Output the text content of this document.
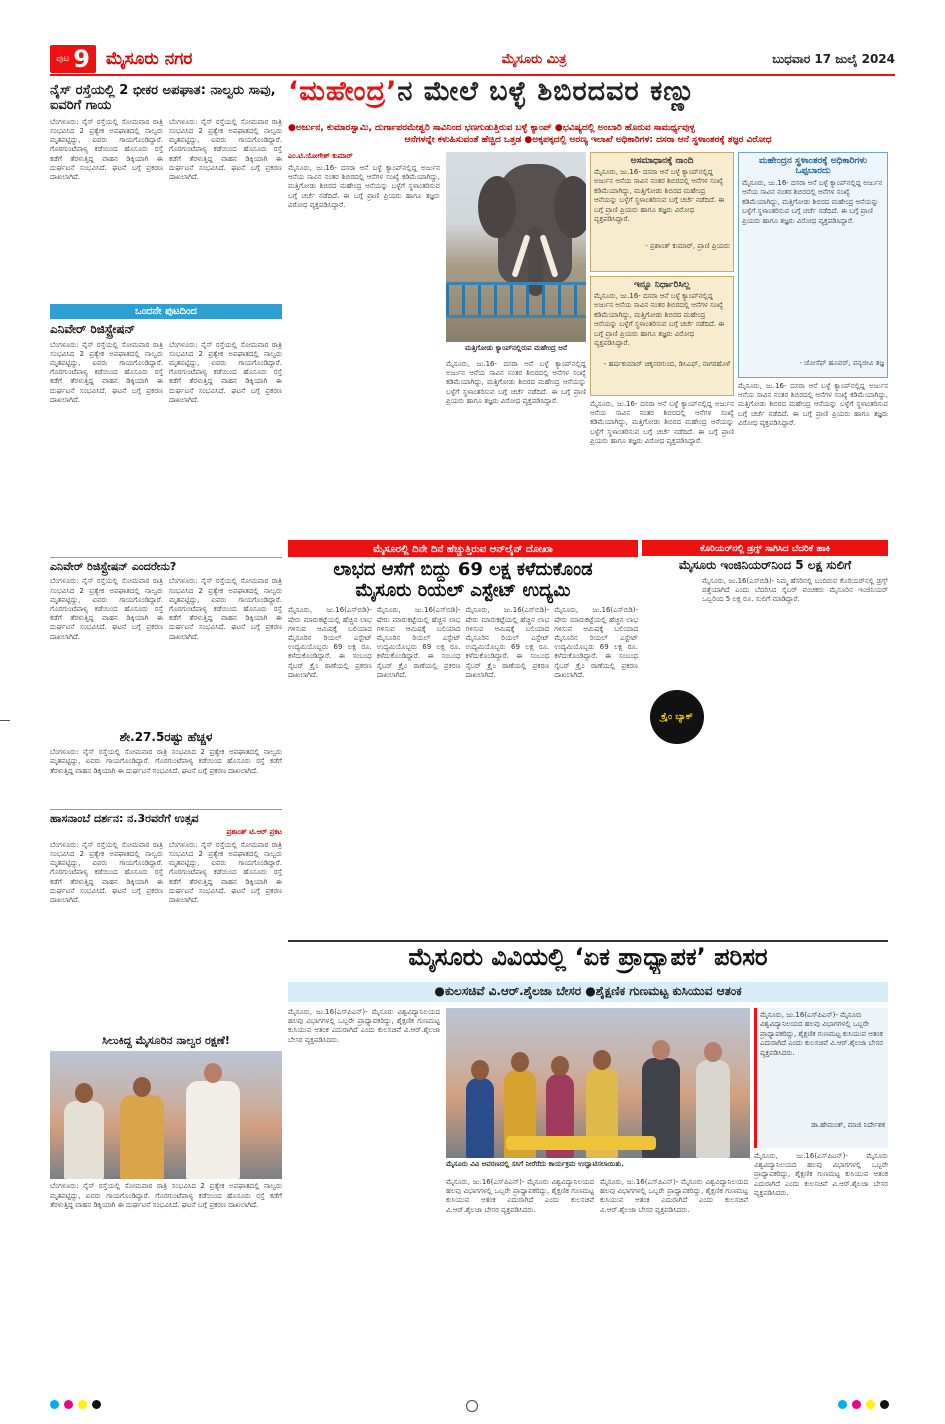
ಪುಟ 9 ಮೈಸೂರು ನಗರ	ಮೈಸೂರು ಮಿತ್ರ	ಬುಧವಾರ 17 ಜುಲೈ 2024
ನೈಸ್ ರಸ್ತೆಯಲ್ಲಿ 2 ಭೀಕರ ಅಪಘಾತ: ನಾಲ್ವರು ಸಾವು, ಐವರಿಗೆ ಗಾಯ
ಬೆಂಗಳೂರು: ನೈಸ್ ರಸ್ತೆಯಲ್ಲಿ ಸೋಮವಾರ ರಾತ್ರಿ ಸಂಭವಿಸಿದ 2 ಪ್ರತ್ಯೇಕ ಅಪಘಾತದಲ್ಲಿ ನಾಲ್ವರು ಮೃತಪಟ್ಟಿದ್ದು, ಐವರು ಗಾಯಗೊಂಡಿದ್ದಾರೆ. ಗೊರಗುಂಟೆಪಾಳ್ಯ ಕಡೆಯಿಂದ ಹೊಸೂರು ರಸ್ತೆ ಕಡೆಗೆ ತೆರಳುತ್ತಿದ್ದ ವಾಹನ ಡಿಕ್ಕಿಯಾಗಿ ಈ ದುರ್ಘಟನೆ ಸಂಭವಿಸಿದೆ. ಘಟನೆ ಬಗ್ಗೆ ಪ್ರಕರಣ ದಾಖಲಾಗಿದೆ.
ಬೆಂಗಳೂರು: ನೈಸ್ ರಸ್ತೆಯಲ್ಲಿ ಸೋಮವಾರ ರಾತ್ರಿ ಸಂಭವಿಸಿದ 2 ಪ್ರತ್ಯೇಕ ಅಪಘಾತದಲ್ಲಿ ನಾಲ್ವರು ಮೃತಪಟ್ಟಿದ್ದು, ಐವರು ಗಾಯಗೊಂಡಿದ್ದಾರೆ. ಗೊರಗುಂಟೆಪಾಳ್ಯ ಕಡೆಯಿಂದ ಹೊಸೂರು ರಸ್ತೆ ಕಡೆಗೆ ತೆರಳುತ್ತಿದ್ದ ವಾಹನ ಡಿಕ್ಕಿಯಾಗಿ ಈ ದುರ್ಘಟನೆ ಸಂಭವಿಸಿದೆ. ಘಟನೆ ಬಗ್ಗೆ ಪ್ರಕರಣ ದಾಖಲಾಗಿದೆ.
ಒಂದನೇ ಪುಟದಿಂದ
ಎನಿವೇರ್ ರಿಜಿಸ್ಟ್ರೇಷನ್
ಬೆಂಗಳೂರು: ನೈಸ್ ರಸ್ತೆಯಲ್ಲಿ ಸೋಮವಾರ ರಾತ್ರಿ ಸಂಭವಿಸಿದ 2 ಪ್ರತ್ಯೇಕ ಅಪಘಾತದಲ್ಲಿ ನಾಲ್ವರು ಮೃತಪಟ್ಟಿದ್ದು, ಐವರು ಗಾಯಗೊಂಡಿದ್ದಾರೆ. ಗೊರಗುಂಟೆಪಾಳ್ಯ ಕಡೆಯಿಂದ ಹೊಸೂರು ರಸ್ತೆ ಕಡೆಗೆ ತೆರಳುತ್ತಿದ್ದ ವಾಹನ ಡಿಕ್ಕಿಯಾಗಿ ಈ ದುರ್ಘಟನೆ ಸಂಭವಿಸಿದೆ. ಘಟನೆ ಬಗ್ಗೆ ಪ್ರಕರಣ ದಾಖಲಾಗಿದೆ.
ಬೆಂಗಳೂರು: ನೈಸ್ ರಸ್ತೆಯಲ್ಲಿ ಸೋಮವಾರ ರಾತ್ರಿ ಸಂಭವಿಸಿದ 2 ಪ್ರತ್ಯೇಕ ಅಪಘಾತದಲ್ಲಿ ನಾಲ್ವರು ಮೃತಪಟ್ಟಿದ್ದು, ಐವರು ಗಾಯಗೊಂಡಿದ್ದಾರೆ. ಗೊರಗುಂಟೆಪಾಳ್ಯ ಕಡೆಯಿಂದ ಹೊಸೂರು ರಸ್ತೆ ಕಡೆಗೆ ತೆರಳುತ್ತಿದ್ದ ವಾಹನ ಡಿಕ್ಕಿಯಾಗಿ ಈ ದುರ್ಘಟನೆ ಸಂಭವಿಸಿದೆ. ಘಟನೆ ಬಗ್ಗೆ ಪ್ರಕರಣ ದಾಖಲಾಗಿದೆ.
ಎನಿವೇರ್ ರಿಜಿಸ್ಟ್ರೇಷನ್ ಎಂದರೇನು?
ಬೆಂಗಳೂರು: ನೈಸ್ ರಸ್ತೆಯಲ್ಲಿ ಸೋಮವಾರ ರಾತ್ರಿ ಸಂಭವಿಸಿದ 2 ಪ್ರತ್ಯೇಕ ಅಪಘಾತದಲ್ಲಿ ನಾಲ್ವರು ಮೃತಪಟ್ಟಿದ್ದು, ಐವರು ಗಾಯಗೊಂಡಿದ್ದಾರೆ. ಗೊರಗುಂಟೆಪಾಳ್ಯ ಕಡೆಯಿಂದ ಹೊಸೂರು ರಸ್ತೆ ಕಡೆಗೆ ತೆರಳುತ್ತಿದ್ದ ವಾಹನ ಡಿಕ್ಕಿಯಾಗಿ ಈ ದುರ್ಘಟನೆ ಸಂಭವಿಸಿದೆ. ಘಟನೆ ಬಗ್ಗೆ ಪ್ರಕರಣ ದಾಖಲಾಗಿದೆ.
ಬೆಂಗಳೂರು: ನೈಸ್ ರಸ್ತೆಯಲ್ಲಿ ಸೋಮವಾರ ರಾತ್ರಿ ಸಂಭವಿಸಿದ 2 ಪ್ರತ್ಯೇಕ ಅಪಘಾತದಲ್ಲಿ ನಾಲ್ವರು ಮೃತಪಟ್ಟಿದ್ದು, ಐವರು ಗಾಯಗೊಂಡಿದ್ದಾರೆ. ಗೊರಗುಂಟೆಪಾಳ್ಯ ಕಡೆಯಿಂದ ಹೊಸೂರು ರಸ್ತೆ ಕಡೆಗೆ ತೆರಳುತ್ತಿದ್ದ ವಾಹನ ಡಿಕ್ಕಿಯಾಗಿ ಈ ದುರ್ಘಟನೆ ಸಂಭವಿಸಿದೆ. ಘಟನೆ ಬಗ್ಗೆ ಪ್ರಕರಣ ದಾಖಲಾಗಿದೆ.
ಶೇ.27.5ರಷ್ಟು ಹೆಚ್ಚಳ
ಬೆಂಗಳೂರು: ನೈಸ್ ರಸ್ತೆಯಲ್ಲಿ ಸೋಮವಾರ ರಾತ್ರಿ ಸಂಭವಿಸಿದ 2 ಪ್ರತ್ಯೇಕ ಅಪಘಾತದಲ್ಲಿ ನಾಲ್ವರು ಮೃತಪಟ್ಟಿದ್ದು, ಐವರು ಗಾಯಗೊಂಡಿದ್ದಾರೆ. ಗೊರಗುಂಟೆಪಾಳ್ಯ ಕಡೆಯಿಂದ ಹೊಸೂರು ರಸ್ತೆ ಕಡೆಗೆ ತೆರಳುತ್ತಿದ್ದ ವಾಹನ ಡಿಕ್ಕಿಯಾಗಿ ಈ ದುರ್ಘಟನೆ ಸಂಭವಿಸಿದೆ. ಘಟನೆ ಬಗ್ಗೆ ಪ್ರಕರಣ ದಾಖಲಾಗಿದೆ.
ಹಾಸನಾಂಬೆ ದರ್ಶನ: ನ.3ರವರೆಗೆ ಉತ್ಸವ
ಪ್ರಶಾಂತ್ ಟಿ.ಆರ್ ಪ್ರಕಟ
ಬೆಂಗಳೂರು: ನೈಸ್ ರಸ್ತೆಯಲ್ಲಿ ಸೋಮವಾರ ರಾತ್ರಿ ಸಂಭವಿಸಿದ 2 ಪ್ರತ್ಯೇಕ ಅಪಘಾತದಲ್ಲಿ ನಾಲ್ವರು ಮೃತಪಟ್ಟಿದ್ದು, ಐವರು ಗಾಯಗೊಂಡಿದ್ದಾರೆ. ಗೊರಗುಂಟೆಪಾಳ್ಯ ಕಡೆಯಿಂದ ಹೊಸೂರು ರಸ್ತೆ ಕಡೆಗೆ ತೆರಳುತ್ತಿದ್ದ ವಾಹನ ಡಿಕ್ಕಿಯಾಗಿ ಈ ದುರ್ಘಟನೆ ಸಂಭವಿಸಿದೆ. ಘಟನೆ ಬಗ್ಗೆ ಪ್ರಕರಣ ದಾಖಲಾಗಿದೆ.
ಬೆಂಗಳೂರು: ನೈಸ್ ರಸ್ತೆಯಲ್ಲಿ ಸೋಮವಾರ ರಾತ್ರಿ ಸಂಭವಿಸಿದ 2 ಪ್ರತ್ಯೇಕ ಅಪಘಾತದಲ್ಲಿ ನಾಲ್ವರು ಮೃತಪಟ್ಟಿದ್ದು, ಐವರು ಗಾಯಗೊಂಡಿದ್ದಾರೆ. ಗೊರಗುಂಟೆಪಾಳ್ಯ ಕಡೆಯಿಂದ ಹೊಸೂರು ರಸ್ತೆ ಕಡೆಗೆ ತೆರಳುತ್ತಿದ್ದ ವಾಹನ ಡಿಕ್ಕಿಯಾಗಿ ಈ ದುರ್ಘಟನೆ ಸಂಭವಿಸಿದೆ. ಘಟನೆ ಬಗ್ಗೆ ಪ್ರಕರಣ ದಾಖಲಾಗಿದೆ.
ಸಿಲುಕಿದ್ದ ಮೈಸೂರಿನ ನಾಲ್ವರ ರಕ್ಷಣೆ!
ಬೆಂಗಳೂರು: ನೈಸ್ ರಸ್ತೆಯಲ್ಲಿ ಸೋಮವಾರ ರಾತ್ರಿ ಸಂಭವಿಸಿದ 2 ಪ್ರತ್ಯೇಕ ಅಪಘಾತದಲ್ಲಿ ನಾಲ್ವರು ಮೃತಪಟ್ಟಿದ್ದು, ಐವರು ಗಾಯಗೊಂಡಿದ್ದಾರೆ. ಗೊರಗುಂಟೆಪಾಳ್ಯ ಕಡೆಯಿಂದ ಹೊಸೂರು ರಸ್ತೆ ಕಡೆಗೆ ತೆರಳುತ್ತಿದ್ದ ವಾಹನ ಡಿಕ್ಕಿಯಾಗಿ ಈ ದುರ್ಘಟನೆ ಸಂಭವಿಸಿದೆ. ಘಟನೆ ಬಗ್ಗೆ ಪ್ರಕರಣ ದಾಖಲಾಗಿದೆ.
‘ಮಹೇಂದ್ರ’ನ ಮೇಲೆ ಬಳ್ಳೆ ಶಿಬಿರದವರ ಕಣ್ಣು
●ಅರ್ಜುನ, ಕುಮಾರಸ್ವಾಮಿ, ದುರ್ಗಾಪರಮೇಶ್ವರಿ ಸಾವಿನಿಂದ ಭಣಗುಡುತ್ತಿರುವ ಬಳ್ಳೆ ಕ್ಯಾಂಪ್ ●ಭವಿಷ್ಯದಲ್ಲಿ ಅಂಬಾರಿ ಹೊರುವ ಸಾಮರ್ಥ್ಯವುಳ್ಳ
ಆನೆಗಳನ್ನೇ ಕಳುಹಿಸುವಂತೆ ಹೆಚ್ಚಿದ ಒತ್ತಡ ●ಅಕ್ಕಪಕ್ಕದಲ್ಲಿ ಅರಣ್ಯ ಇಲಾಖೆ ಅಧಿಕಾರಿಗಳ: ದಸರಾ ಆನೆ ಸ್ಥಳಾಂತರಕ್ಕೆ ತಜ್ಞರ ವಿರೋಧ
ಎಂ.ಟಿ.ಯೋಗೇಶ್ ಕುಮಾರ್
ಮೈಸೂರು, ಜು.16- ದಸರಾ ಆನೆ ಬಳ್ಳೆ ಕ್ಯಾಂಪ್‌ನಲ್ಲಿದ್ದ ಅರ್ಜುನ ಆನೆಯ ಸಾವಿನ ನಂತರ ಶಿಬಿರದಲ್ಲಿ ಆನೆಗಳ ಸಂಖ್ಯೆ ಕಡಿಮೆಯಾಗಿದ್ದು, ಮತ್ತಿಗೋಡು ಶಿಬಿರದ ಮಹೇಂದ್ರ ಆನೆಯನ್ನು ಬಳ್ಳೆಗೆ ಸ್ಥಳಾಂತರಿಸುವ ಬಗ್ಗೆ ಚರ್ಚೆ ನಡೆದಿದೆ. ಈ ಬಗ್ಗೆ ಪ್ರಾಣಿ ಪ್ರಿಯರು ಹಾಗೂ ತಜ್ಞರು ವಿರೋಧ ವ್ಯಕ್ತಪಡಿಸಿದ್ದಾರೆ.
ಮತ್ತಿಗೋಡು ಕ್ಯಾಂಪ್‌ನಲ್ಲಿರುವ ಮಹೇಂದ್ರ ಆನೆ
ಮೈಸೂರು, ಜು.16- ದಸರಾ ಆನೆ ಬಳ್ಳೆ ಕ್ಯಾಂಪ್‌ನಲ್ಲಿದ್ದ ಅರ್ಜುನ ಆನೆಯ ಸಾವಿನ ನಂತರ ಶಿಬಿರದಲ್ಲಿ ಆನೆಗಳ ಸಂಖ್ಯೆ ಕಡಿಮೆಯಾಗಿದ್ದು, ಮತ್ತಿಗೋಡು ಶಿಬಿರದ ಮಹೇಂದ್ರ ಆನೆಯನ್ನು ಬಳ್ಳೆಗೆ ಸ್ಥಳಾಂತರಿಸುವ ಬಗ್ಗೆ ಚರ್ಚೆ ನಡೆದಿದೆ. ಈ ಬಗ್ಗೆ ಪ್ರಾಣಿ ಪ್ರಿಯರು ಹಾಗೂ ತಜ್ಞರು ವಿರೋಧ ವ್ಯಕ್ತಪಡಿಸಿದ್ದಾರೆ.
ಅಸಮಾಧಾನಕ್ಕೆ ನಾಂದಿ
ಮೈಸೂರು, ಜು.16- ದಸರಾ ಆನೆ ಬಳ್ಳೆ ಕ್ಯಾಂಪ್‌ನಲ್ಲಿದ್ದ ಅರ್ಜುನ ಆನೆಯ ಸಾವಿನ ನಂತರ ಶಿಬಿರದಲ್ಲಿ ಆನೆಗಳ ಸಂಖ್ಯೆ ಕಡಿಮೆಯಾಗಿದ್ದು, ಮತ್ತಿಗೋಡು ಶಿಬಿರದ ಮಹೇಂದ್ರ ಆನೆಯನ್ನು ಬಳ್ಳೆಗೆ ಸ್ಥಳಾಂತರಿಸುವ ಬಗ್ಗೆ ಚರ್ಚೆ ನಡೆದಿದೆ. ಈ ಬಗ್ಗೆ ಪ್ರಾಣಿ ಪ್ರಿಯರು ಹಾಗೂ ತಜ್ಞರು ವಿರೋಧ ವ್ಯಕ್ತಪಡಿಸಿದ್ದಾರೆ.
- ಪ್ರಶಾಂತ್ ಕುಮಾರ್, ಪ್ರಾಣಿ ಪ್ರಿಯರು
ಇನ್ನೂ ನಿರ್ಧಾರಿಸಿಲ್ಲ
ಮೈಸೂರು, ಜು.16- ದಸರಾ ಆನೆ ಬಳ್ಳೆ ಕ್ಯಾಂಪ್‌ನಲ್ಲಿದ್ದ ಅರ್ಜುನ ಆನೆಯ ಸಾವಿನ ನಂತರ ಶಿಬಿರದಲ್ಲಿ ಆನೆಗಳ ಸಂಖ್ಯೆ ಕಡಿಮೆಯಾಗಿದ್ದು, ಮತ್ತಿಗೋಡು ಶಿಬಿರದ ಮಹೇಂದ್ರ ಆನೆಯನ್ನು ಬಳ್ಳೆಗೆ ಸ್ಥಳಾಂತರಿಸುವ ಬಗ್ಗೆ ಚರ್ಚೆ ನಡೆದಿದೆ. ಈ ಬಗ್ಗೆ ಪ್ರಾಣಿ ಪ್ರಿಯರು ಹಾಗೂ ತಜ್ಞರು ವಿರೋಧ ವ್ಯಕ್ತಪಡಿಸಿದ್ದಾರೆ.
- ಹರ್ಷಕುಮಾರ್ ಚಿಕ್ಕನರಗುಂದ, ಡಿಸಿಎಫ್, ನಾಗರಹೊಳೆ
ಮೈಸೂರು, ಜು.16- ದಸರಾ ಆನೆ ಬಳ್ಳೆ ಕ್ಯಾಂಪ್‌ನಲ್ಲಿದ್ದ ಅರ್ಜುನ ಆನೆಯ ಸಾವಿನ ನಂತರ ಶಿಬಿರದಲ್ಲಿ ಆನೆಗಳ ಸಂಖ್ಯೆ ಕಡಿಮೆಯಾಗಿದ್ದು, ಮತ್ತಿಗೋಡು ಶಿಬಿರದ ಮಹೇಂದ್ರ ಆನೆಯನ್ನು ಬಳ್ಳೆಗೆ ಸ್ಥಳಾಂತರಿಸುವ ಬಗ್ಗೆ ಚರ್ಚೆ ನಡೆದಿದೆ. ಈ ಬಗ್ಗೆ ಪ್ರಾಣಿ ಪ್ರಿಯರು ಹಾಗೂ ತಜ್ಞರು ವಿರೋಧ ವ್ಯಕ್ತಪಡಿಸಿದ್ದಾರೆ.
ಮಹೇಂದ್ರನ ಸ್ಥಳಾಂತರಕ್ಕೆ ಅಧಿಕಾರಿಗಳು ಒಪ್ಪಬಾರದು
ಮೈಸೂರು, ಜು.16- ದಸರಾ ಆನೆ ಬಳ್ಳೆ ಕ್ಯಾಂಪ್‌ನಲ್ಲಿದ್ದ ಅರ್ಜುನ ಆನೆಯ ಸಾವಿನ ನಂತರ ಶಿಬಿರದಲ್ಲಿ ಆನೆಗಳ ಸಂಖ್ಯೆ ಕಡಿಮೆಯಾಗಿದ್ದು, ಮತ್ತಿಗೋಡು ಶಿಬಿರದ ಮಹೇಂದ್ರ ಆನೆಯನ್ನು ಬಳ್ಳೆಗೆ ಸ್ಥಳಾಂತರಿಸುವ ಬಗ್ಗೆ ಚರ್ಚೆ ನಡೆದಿದೆ. ಈ ಬಗ್ಗೆ ಪ್ರಾಣಿ ಪ್ರಿಯರು ಹಾಗೂ ತಜ್ಞರು ವಿರೋಧ ವ್ಯಕ್ತಪಡಿಸಿದ್ದಾರೆ.
- ಜೋಸೆಫ್ ಹೂವರ್, ವನ್ಯಜೀವಿ ತಜ್ಞ
ಮೈಸೂರು, ಜು.16- ದಸರಾ ಆನೆ ಬಳ್ಳೆ ಕ್ಯಾಂಪ್‌ನಲ್ಲಿದ್ದ ಅರ್ಜುನ ಆನೆಯ ಸಾವಿನ ನಂತರ ಶಿಬಿರದಲ್ಲಿ ಆನೆಗಳ ಸಂಖ್ಯೆ ಕಡಿಮೆಯಾಗಿದ್ದು, ಮತ್ತಿಗೋಡು ಶಿಬಿರದ ಮಹೇಂದ್ರ ಆನೆಯನ್ನು ಬಳ್ಳೆಗೆ ಸ್ಥಳಾಂತರಿಸುವ ಬಗ್ಗೆ ಚರ್ಚೆ ನಡೆದಿದೆ. ಈ ಬಗ್ಗೆ ಪ್ರಾಣಿ ಪ್ರಿಯರು ಹಾಗೂ ತಜ್ಞರು ವಿರೋಧ ವ್ಯಕ್ತಪಡಿಸಿದ್ದಾರೆ.
ಮೈಸೂರಲ್ಲಿ ದಿನೇ ದಿನೆ ಹೆಚ್ಚುತ್ತಿರುವ ಆನ್‌ಲೈನ್ ದೋಖಾ
ಲಾಭದ ಆಸೆಗೆ ಬಿದ್ದು 69 ಲಕ್ಷ ಕಳೆದುಕೊಂಡ
ಮೈಸೂರು ರಿಯಲ್ ಎಸ್ಟೇಟ್ ಉದ್ಯಮಿ
ಮೈಸೂರು, ಜು.16(ಎಸ್‌ಬಿಡಿ)- ಷೇರು ಮಾರುಕಟ್ಟೆಯಲ್ಲಿ ಹೆಚ್ಚಿನ ಲಾಭ ಗಳಿಸುವ ಆಮಿಷಕ್ಕೆ ಬಲಿಯಾದ ಮೈಸೂರಿನ ರಿಯಲ್ ಎಸ್ಟೇಟ್ ಉದ್ಯಮಿಯೊಬ್ಬರು 69 ಲಕ್ಷ ರೂ. ಕಳೆದುಕೊಂಡಿದ್ದಾರೆ. ಈ ಸಂಬಂಧ ಸೈಬರ್ ಕ್ರೈಂ ಠಾಣೆಯಲ್ಲಿ ಪ್ರಕರಣ ದಾಖಲಾಗಿದೆ.
ಮೈಸೂರು, ಜು.16(ಎಸ್‌ಬಿಡಿ)- ಷೇರು ಮಾರುಕಟ್ಟೆಯಲ್ಲಿ ಹೆಚ್ಚಿನ ಲಾಭ ಗಳಿಸುವ ಆಮಿಷಕ್ಕೆ ಬಲಿಯಾದ ಮೈಸೂರಿನ ರಿಯಲ್ ಎಸ್ಟೇಟ್ ಉದ್ಯಮಿಯೊಬ್ಬರು 69 ಲಕ್ಷ ರೂ. ಕಳೆದುಕೊಂಡಿದ್ದಾರೆ. ಈ ಸಂಬಂಧ ಸೈಬರ್ ಕ್ರೈಂ ಠಾಣೆಯಲ್ಲಿ ಪ್ರಕರಣ ದಾಖಲಾಗಿದೆ.
ಮೈಸೂರು, ಜು.16(ಎಸ್‌ಬಿಡಿ)- ಷೇರು ಮಾರುಕಟ್ಟೆಯಲ್ಲಿ ಹೆಚ್ಚಿನ ಲಾಭ ಗಳಿಸುವ ಆಮಿಷಕ್ಕೆ ಬಲಿಯಾದ ಮೈಸೂರಿನ ರಿಯಲ್ ಎಸ್ಟೇಟ್ ಉದ್ಯಮಿಯೊಬ್ಬರು 69 ಲಕ್ಷ ರೂ. ಕಳೆದುಕೊಂಡಿದ್ದಾರೆ. ಈ ಸಂಬಂಧ ಸೈಬರ್ ಕ್ರೈಂ ಠಾಣೆಯಲ್ಲಿ ಪ್ರಕರಣ ದಾಖಲಾಗಿದೆ.
ಮೈಸೂರು, ಜು.16(ಎಸ್‌ಬಿಡಿ)- ಷೇರು ಮಾರುಕಟ್ಟೆಯಲ್ಲಿ ಹೆಚ್ಚಿನ ಲಾಭ ಗಳಿಸುವ ಆಮಿಷಕ್ಕೆ ಬಲಿಯಾದ ಮೈಸೂರಿನ ರಿಯಲ್ ಎಸ್ಟೇಟ್ ಉದ್ಯಮಿಯೊಬ್ಬರು 69 ಲಕ್ಷ ರೂ. ಕಳೆದುಕೊಂಡಿದ್ದಾರೆ. ಈ ಸಂಬಂಧ ಸೈಬರ್ ಕ್ರೈಂ ಠಾಣೆಯಲ್ಲಿ ಪ್ರಕರಣ ದಾಖಲಾಗಿದೆ.
ಕೊರಿಯರ್‌ನಲ್ಲಿ ಡ್ರಗ್ಸ್ ಸಾಗಿಸಿದ ಬೆದರಿಕೆ ಹಾಕಿ
ಮೈಸೂರು ಇಂಜಿನಿಯರ್‌ನಿಂದ 5 ಲಕ್ಷ ಸುಲಿಗೆ
ಮೈಸೂರು, ಜು.16(ಎಸ್‌ಬಿಡಿ)- ನಿಮ್ಮ ಹೆಸರಿನಲ್ಲಿ ಬಂದಿರುವ ಕೊರಿಯರ್‌ನಲ್ಲಿ ಡ್ರಗ್ಸ್ ಪತ್ತೆಯಾಗಿದೆ ಎಂದು ಬೆದರಿಸಿದ ಸೈಬರ್ ವಂಚಕರು ಮೈಸೂರಿನ ಇಂಜಿನಿಯರ್ ಒಬ್ಬರಿಂದ 5 ಲಕ್ಷ ರೂ. ಸುಲಿಗೆ ಮಾಡಿದ್ದಾರೆ.
ಕ್ರೈಂ ಬ್ಯಾಕ್
ಮೈಸೂರು ವಿವಿಯಲ್ಲಿ ‘ಏಕ ಪ್ರಾಧ್ಯಾಪಕ’ ಪರಿಸರ
●ಕುಲಸಚಿವೆ ವಿ.ಆರ್.ಶೈಲಜಾ ಬೇಸರ ●ಶೈಕ್ಷಣಿಕ ಗುಣಮಟ್ಟ ಕುಸಿಯುವ ಆತಂಕ
ಮೈಸೂರು, ಜು.16(ಎಸ್‌ಪಿಎನ್)- ಮೈಸೂರು ವಿಶ್ವವಿದ್ಯಾನಿಲಯದ ಹಲವು ವಿಭಾಗಗಳಲ್ಲಿ ಒಬ್ಬರೇ ಪ್ರಾಧ್ಯಾಪಕರಿದ್ದು, ಶೈಕ್ಷಣಿಕ ಗುಣಮಟ್ಟ ಕುಸಿಯುವ ಆತಂಕ ಎದುರಾಗಿದೆ ಎಂದು ಕುಲಸಚಿವೆ ವಿ.ಆರ್.ಶೈಲಜಾ ಬೇಸರ ವ್ಯಕ್ತಪಡಿಸಿದರು.
ಮೈಸೂರು ವಿವಿ ಆವರಣದಲ್ಲಿ ಸಸಿಗೆ ನೀರೆರೆದು ಕಾರ್ಯಕ್ರಮ ಉದ್ಘಾಟಿಸಲಾಯಿತು.
ಮೈಸೂರು, ಜು.16(ಎಸ್‌ಪಿಎನ್)- ಮೈಸೂರು ವಿಶ್ವವಿದ್ಯಾನಿಲಯದ ಹಲವು ವಿಭಾಗಗಳಲ್ಲಿ ಒಬ್ಬರೇ ಪ್ರಾಧ್ಯಾಪಕರಿದ್ದು, ಶೈಕ್ಷಣಿಕ ಗುಣಮಟ್ಟ ಕುಸಿಯುವ ಆತಂಕ ಎದುರಾಗಿದೆ ಎಂದು ಕುಲಸಚಿವೆ ವಿ.ಆರ್.ಶೈಲಜಾ ಬೇಸರ ವ್ಯಕ್ತಪಡಿಸಿದರು.
ಮೈಸೂರು, ಜು.16(ಎಸ್‌ಪಿಎನ್)- ಮೈಸೂರು ವಿಶ್ವವಿದ್ಯಾನಿಲಯದ ಹಲವು ವಿಭಾಗಗಳಲ್ಲಿ ಒಬ್ಬರೇ ಪ್ರಾಧ್ಯಾಪಕರಿದ್ದು, ಶೈಕ್ಷಣಿಕ ಗುಣಮಟ್ಟ ಕುಸಿಯುವ ಆತಂಕ ಎದುರಾಗಿದೆ ಎಂದು ಕುಲಸಚಿವೆ ವಿ.ಆರ್.ಶೈಲಜಾ ಬೇಸರ ವ್ಯಕ್ತಪಡಿಸಿದರು.
ಮೈಸೂರು, ಜು.16(ಎಸ್‌ಪಿಎನ್)- ಮೈಸೂರು ವಿಶ್ವವಿದ್ಯಾನಿಲಯದ ಹಲವು ವಿಭಾಗಗಳಲ್ಲಿ ಒಬ್ಬರೇ ಪ್ರಾಧ್ಯಾಪಕರಿದ್ದು, ಶೈಕ್ಷಣಿಕ ಗುಣಮಟ್ಟ ಕುಸಿಯುವ ಆತಂಕ ಎದುರಾಗಿದೆ ಎಂದು ಕುಲಸಚಿವೆ ವಿ.ಆರ್.ಶೈಲಜಾ ಬೇಸರ ವ್ಯಕ್ತಪಡಿಸಿದರು.
ಡಾ.ಹೇಮಂತ್, ಮಾಜಿ ನಿರ್ದೇಶಕ
ಮೈಸೂರು, ಜು.16(ಎಸ್‌ಪಿಎನ್)- ಮೈಸೂರು ವಿಶ್ವವಿದ್ಯಾನಿಲಯದ ಹಲವು ವಿಭಾಗಗಳಲ್ಲಿ ಒಬ್ಬರೇ ಪ್ರಾಧ್ಯಾಪಕರಿದ್ದು, ಶೈಕ್ಷಣಿಕ ಗುಣಮಟ್ಟ ಕುಸಿಯುವ ಆತಂಕ ಎದುರಾಗಿದೆ ಎಂದು ಕುಲಸಚಿವೆ ವಿ.ಆರ್.ಶೈಲಜಾ ಬೇಸರ ವ್ಯಕ್ತಪಡಿಸಿದರು.
